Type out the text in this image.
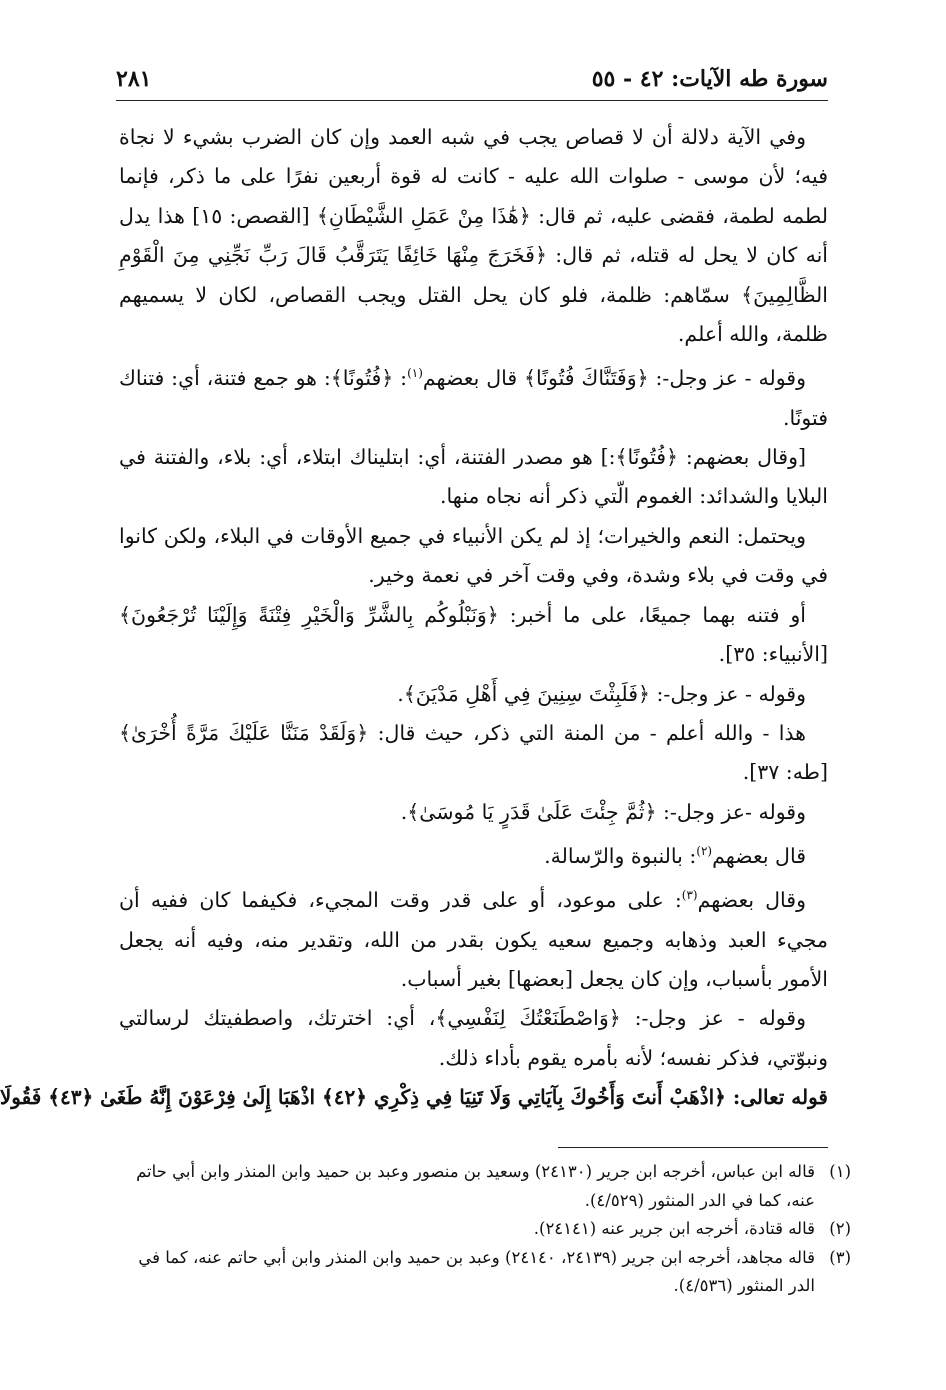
سورة طه الآيات: ٤٢ - ٥٥
٢٨١

وفي الآية دلالة أن لا قصاص يجب في شبه العمد وإن كان الضرب بشيء لا نجاة فيه؛ لأن موسى - صلوات الله عليه - كانت له قوة أربعين نفرًا على ما ذكر، فإنما لطمه لطمة، فقضى عليه، ثم قال: ﴿هَٰذَا مِنْ عَمَلِ الشَّيْطَانِ﴾ [القصص: ١٥] هذا يدل أنه كان لا يحل له قتله، ثم قال: ﴿فَخَرَجَ مِنْهَا خَائِفًا يَتَرَقَّبُ قَالَ رَبِّ نَجِّنِي مِنَ الْقَوْمِ الظَّالِمِينَ﴾ سمّاهم: ظلمة، فلو كان يحل القتل ويجب القصاص، لكان لا يسميهم ظلمة، والله أعلم.

وقوله - عز وجل-: ﴿وَفَتَنَّاكَ فُتُونًا﴾ قال بعضهم$^{(١)}$: ﴿فُتُونًا﴾: هو جمع فتنة، أي: فتناك فتونًا.

[وقال بعضهم: ﴿فُتُونًا﴾:] هو مصدر الفتنة، أي: ابتليناك ابتلاء، أي: بلاء، والفتنة في البلايا والشدائد: الغموم الّتي ذكر أنه نجاه منها.

ويحتمل: النعم والخيرات؛ إذ لم يكن الأنبياء في جميع الأوقات في البلاء، ولكن كانوا في وقت في بلاء وشدة، وفي وقت آخر في نعمة وخير.

أو فتنه بهما جميعًا، على ما أخبر: ﴿وَنَبْلُوكُم بِالشَّرِّ وَالْخَيْرِ فِتْنَةً وَإِلَيْنَا تُرْجَعُونَ﴾ [الأنبياء: ٣٥].

وقوله - عز وجل-: ﴿فَلَبِثْتَ سِنِينَ فِي أَهْلِ مَدْيَنَ﴾.

هذا - والله أعلم - من المنة التي ذكر، حيث قال: ﴿وَلَقَدْ مَنَنَّا عَلَيْكَ مَرَّةً أُخْرَىٰ﴾ [طه: ٣٧].

وقوله -عز وجل-: ﴿ثُمَّ جِئْتَ عَلَىٰ قَدَرٍ يَا مُوسَىٰ﴾.

قال بعضهم$^{(٢)}$: بالنبوة والرّسالة.

وقال بعضهم$^{(٣)}$: على موعود، أو على قدر وقت المجيء، فكيفما كان ففيه أن مجيء العبد وذهابه وجميع سعيه يكون بقدر من الله، وتقدير منه، وفيه أنه يجعل الأمور بأسباب، وإن كان يجعل [بعضها] بغير أسباب.

وقوله - عز وجل-: ﴿وَاصْطَنَعْتُكَ لِنَفْسِي﴾، أي: اخترتك، واصطفيتك لرسالتي ونبوّتي، فذكر نفسه؛ لأنه بأمره يقوم بأداء ذلك.

قوله تعالى: ﴿اذْهَبْ أَنتَ وَأَخُوكَ بِآيَاتِي وَلَا تَنِيَا فِي ذِكْرِي ﴿٤٢﴾ اذْهَبَا إِلَىٰ فِرْعَوْنَ إِنَّهُ طَغَىٰ ﴿٤٣﴾ فَقُولَا

(١)
قاله ابن عباس، أخرجه ابن جرير (٢٤١٣٠) وسعيد بن منصور وعبد بن حميد وابن المنذر وابن أبي حاتم عنه، كما في الدر المنثور (٤/٥٢٩).
(٢)
قاله قتادة، أخرجه ابن جرير عنه (٢٤١٤١).
(٣)
قاله مجاهد، أخرجه ابن جرير (٢٤١٣٩، ٢٤١٤٠) وعبد بن حميد وابن المنذر وابن أبي حاتم عنه، كما في الدر المنثور (٤/٥٣٦).
